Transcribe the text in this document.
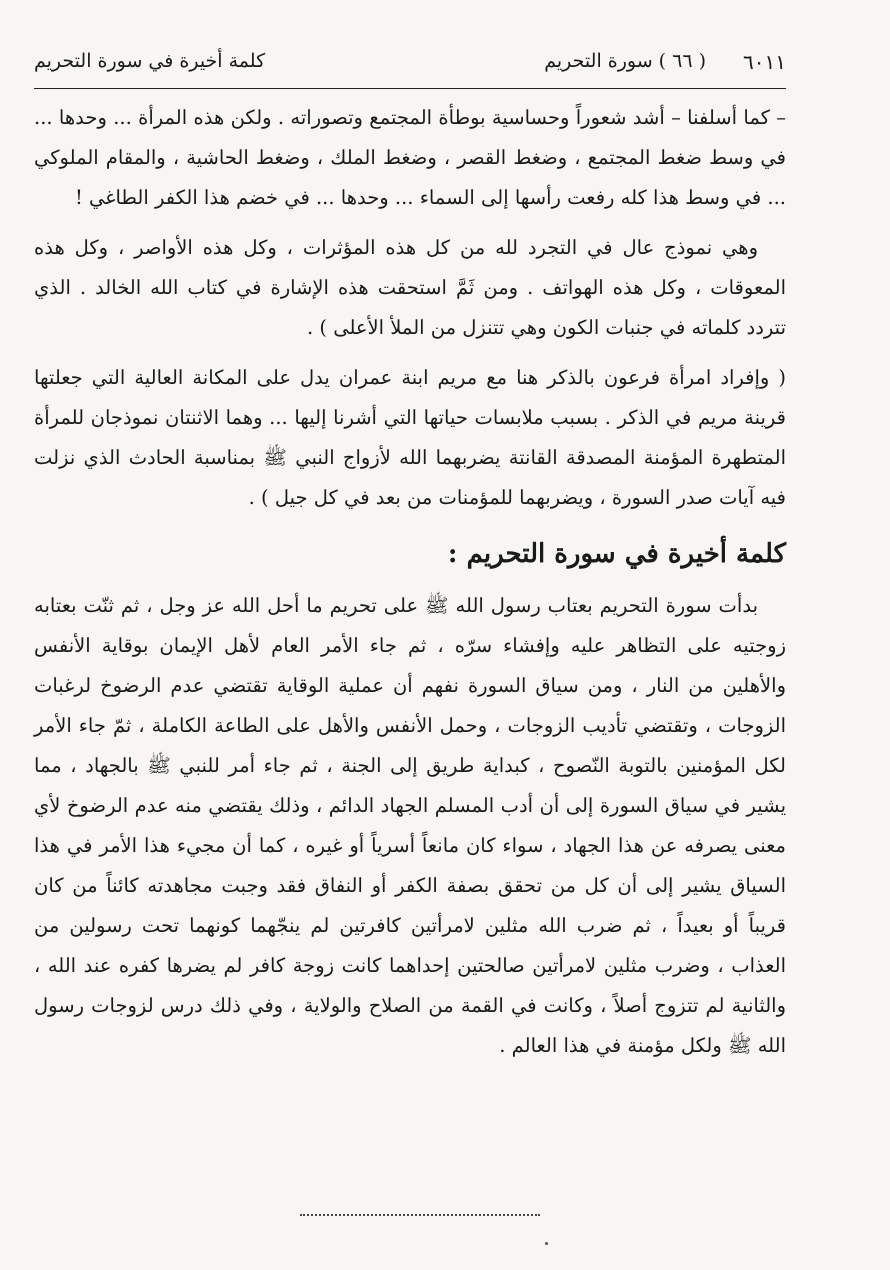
٦٠١١
( ٦٦ ) سورة التحريم
كلمة أخيرة في سورة التحريم

– كما أسلفنا – أشد شعوراً وحساسية بوطأة المجتمع وتصوراته . ولكن هذه المرأة ... وحدها ... في وسط ضغط المجتمع ، وضغط القصر ، وضغط الملك ، وضغط الحاشية ، والمقام الملوكي ... في وسط هذا كله رفعت رأسها إلى السماء ... وحدها ... في خضم هذا الكفر الطاغي !

وهي نموذج عال في التجرد لله من كل هذه المؤثرات ، وكل هذه الأواصر ، وكل هذه المعوقات ، وكل هذه الهواتف . ومن ثَمَّ استحقت هذه الإشارة في كتاب الله الخالد . الذي تتردد كلماته في جنبات الكون وهي تتنزل من الملأ الأعلى ) .

( وإفراد امرأة فرعون بالذكر هنا مع مريم ابنة عمران يدل على المكانة العالية التي جعلتها قرينة مريم في الذكر . بسبب ملابسات حياتها التي أشرنا إليها ... وهما الاثنتان نموذجان للمرأة المتطهرة المؤمنة المصدقة القانتة يضربهما الله لأزواج النبي ﷺ بمناسبة الحادث الذي نزلت فيه آيات صدر السورة ، ويضربهما للمؤمنات من بعد في كل جيل ) .

كلمة أخيرة في سورة التحريم :

بدأت سورة التحريم بعتاب رسول الله ﷺ على تحريم ما أحل الله عز وجل ، ثم ثنّت بعتابه زوجتيه على التظاهر عليه وإفشاء سرّه ، ثم جاء الأمر العام لأهل الإيمان بوقاية الأنفس والأهلين من النار ، ومن سياق السورة نفهم أن عملية الوقاية تقتضي عدم الرضوخ لرغبات الزوجات ، وتقتضي تأديب الزوجات ، وحمل الأنفس والأهل على الطاعة الكاملة ، ثمّ جاء الأمر لكل المؤمنين بالتوبة النّصوح ، كبداية طريق إلى الجنة ، ثم جاء أمر للنبي ﷺ بالجهاد ، مما يشير في سياق السورة إلى أن أدب المسلم الجهاد الدائم ، وذلك يقتضي منه عدم الرضوخ لأي معنى يصرفه عن هذا الجهاد ، سواء كان مانعاً أسرياً أو غيره ، كما أن مجيء هذا الأمر في هذا السياق يشير إلى أن كل من تحقق بصفة الكفر أو النفاق فقد وجبت مجاهدته كائناً من كان قريباً أو بعيداً ، ثم ضرب الله مثلين لامرأتين كافرتين لم ينجّهما كونهما تحت رسولين من العذاب ، وضرب مثلين لامرأتين صالحتين إحداهما كانت زوجة كافر لم يضرها كفره عند الله ، والثانية لم تتزوج أصلاً ، وكانت في القمة من الصلاح والولاية ، وفي ذلك درس لزوجات رسول الله ﷺ ولكل مؤمنة في هذا العالم .
